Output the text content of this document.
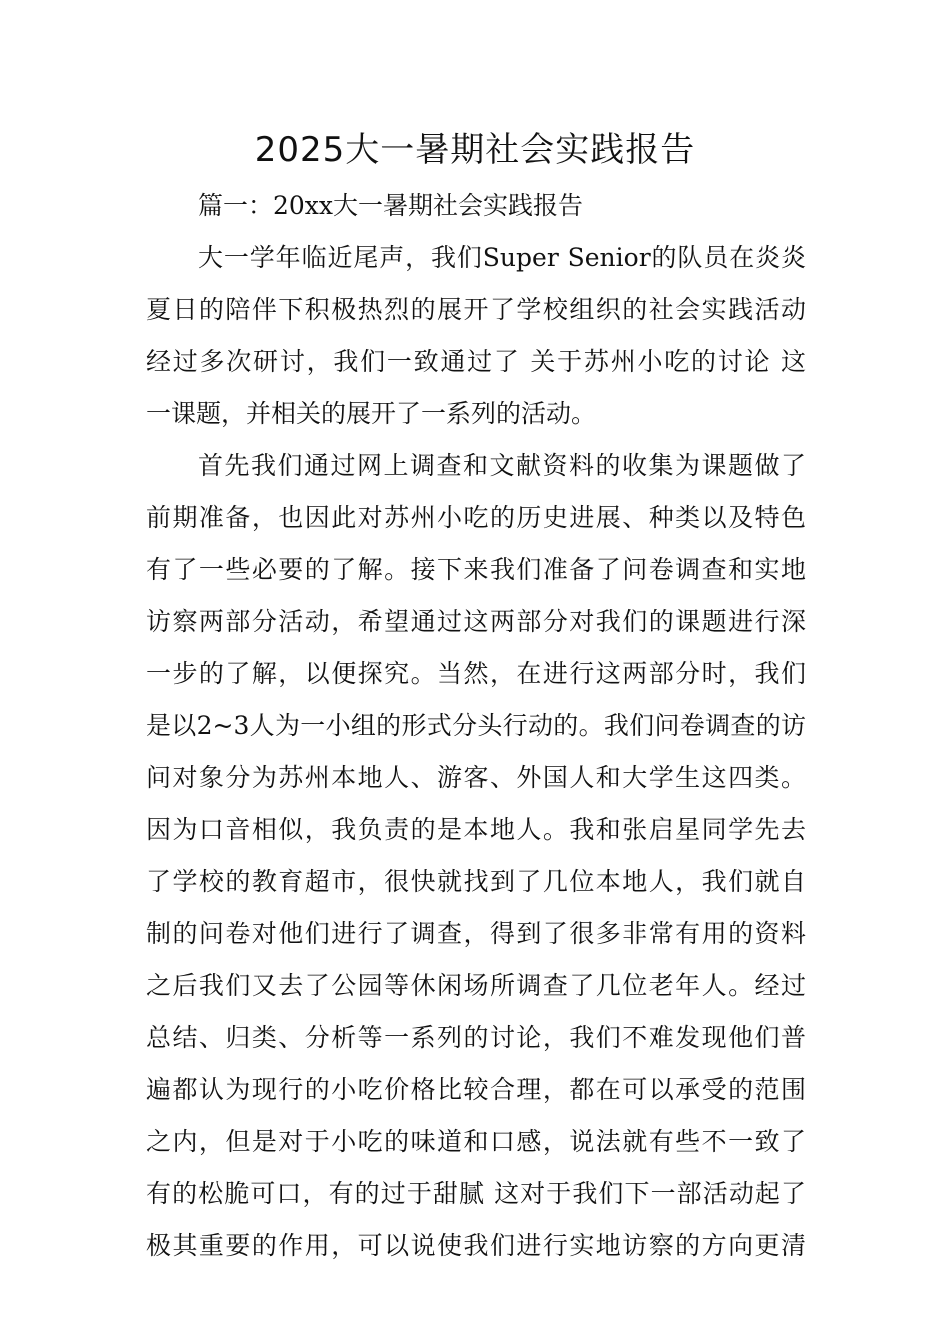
2025大一暑期社会实践报告
篇一：20xx大一暑期社会实践报告
大一学年临近尾声，我们Super Senior的队员在炎炎
夏日的陪伴下积极热烈的展开了学校组织的社会实践活动
经过多次研讨，我们一致通过了 关于苏州小吃的讨论 这
一课题，并相关的展开了一系列的活动。
首先我们通过网上调查和文献资料的收集为课题做了
前期准备，也因此对苏州小吃的历史进展、种类以及特色
有了一些必要的了解。接下来我们准备了问卷调查和实地
访察两部分活动，希望通过这两部分对我们的课题进行深
一步的了解，以便探究。当然，在进行这两部分时，我们
是以2~3人为一小组的形式分头行动的。我们问卷调查的访
问对象分为苏州本地人、游客、外国人和大学生这四类。
因为口音相似，我负责的是本地人。我和张启星同学先去
了学校的教育超市，很快就找到了几位本地人，我们就自
制的问卷对他们进行了调查，得到了很多非常有用的资料
之后我们又去了公园等休闲场所调查了几位老年人。经过
总结、归类、分析等一系列的讨论，我们不难发现他们普
遍都认为现行的小吃价格比较合理，都在可以承受的范围
之内，但是对于小吃的味道和口感，说法就有些不一致了
有的松脆可口，有的过于甜腻 这对于我们下一部活动起了
极其重要的作用，可以说使我们进行实地访察的方向更清
